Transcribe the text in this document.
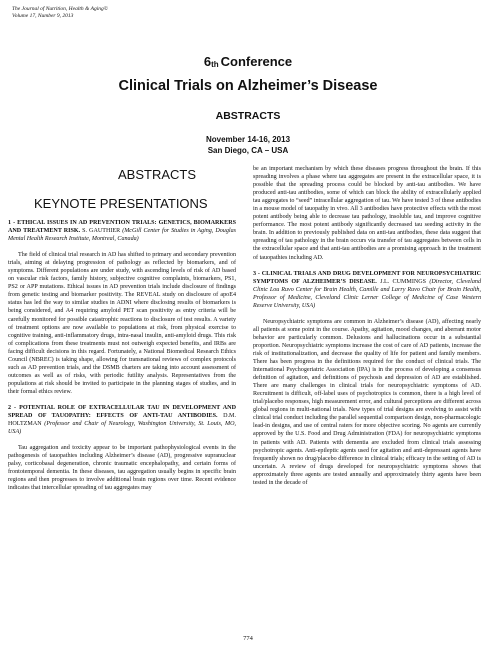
The Journal of Nutrition, Health & Aging©
Volume 17, Number 9, 2013
6th Conference
Clinical Trials on Alzheimer’s Disease
ABSTRACTS
November 14-16, 2013
San Diego, CA – USA
ABSTRACTS
KEYNOTE PRESENTATIONS

1 - ETHICAL ISSUES IN AD PREVENTION TRIALS: GENETICS, BIOMARKERS AND TREATMENT RISK. S. GAUTHIER (McGill Center for Studies in Aging, Douglas Mental Health Research Institute, Montreal, Canada)

The field of clinical trial research in AD has shifted to primary and secondary prevention trials, aiming at delaying progression of pathology as reflected by biomarkers, and of symptoms. Different populations are under study, with ascending levels of risk of AD based on vascular risk factors, family history, subjective cognitive complaints, biomarkers, PS1, PS2 or APP mutations. Ethical issues in AD prevention trials include disclosure of findings from genetic testing and biomarker positivity. The REVEAL study on disclosure of apoE4 status has led the way to similar studies in ADNI where disclosing results of biomarkers is being considered, and A4 requiring amyloid PET scan positivity as entry criteria will be carefully monitored for possible catastrophic reactions to disclosure of test results. A variety of treatment options are now available to populations at risk, from physical exercise to cognitive training, anti-inflammatory drugs, intra-nasal insulin, anti-amyloid drugs. This risk of complications from these treatments must not outweigh expected benefits, and IRBs are facing difficult decisions in this regard. Fortunately, a National Biomedical Research Ethics Council (NBREC) is taking shape, allowing for transnational reviews of complex protocols such as AD prevention trials, and the DSMB charters are taking into account assessment of outcomes as well as of risks, with periodic futility analysis. Representatives from the populations at risk should be invited to participate in the planning stages of studies, and in their formal ethics review.

2 - POTENTIAL ROLE OF EXTRACELLULAR TAU IN DEVELOPMENT AND SPREAD OF TAUOPATHY: EFFECTS OF ANTI-TAU ANTIBODIES. D.M. HOLTZMAN (Professor and Chair of Neurology, Washington University, St. Louis, MO, USA)

Tau aggregation and toxicity appear to be important pathophysiological events in the pathogenesis of tauopathies including Alzheimer’s disease (AD), progressive supranuclear palsy, corticobasal degeneration, chronic traumatic encephalopathy, and certain forms of frontotemporal dementia. In these diseases, tau aggregation usually begins in specific brain regions and then progresses to involve additional brain regions over time. Recent evidence indicates that intercellular spreading of tau aggregates may

be an important mechanism by which these diseases progress throughout the brain. If this spreading involves a phase where tau aggregates are present in the extracellular space, it is possible that the spreading process could be blocked by anti-tau antibodies. We have produced anti-tau antibodies, some of which can block the ability of extracellularly applied tau aggregates to “seed” intracellular aggregation of tau. We have tested 3 of these antibodies in a mouse model of tauopathy in vivo. All 3 antibodies have protective effects with the most potent antibody being able to decrease tau pathology, insoluble tau, and improve cognitive performance. The most potent antibody significantly decreased tau seeding activity in the brain. In addition to previously published data on anti-tau antibodies, these data suggest that spreading of tau pathology in the brain occurs via transfer of tau aggregates between cells in the extracellular space and that anti-tau antibodies are a promising approach in the treatment of tauopathies including AD.

3 - CLINICAL TRIALS AND DRUG DEVELOPMENT FOR NEUROPSYCHIATRIC SYMPTOMS OF ALZHEIMER’S DISEASE. J.L. CUMMINGS (Director, Cleveland Clinic Lou Ruvo Center for Brain Health, Camille and Larry Ruvo Chair for Brain Health, Professor of Medicine, Cleveland Clinic Lerner College of Medicine of Case Western Reserve University, USA)

Neuropsychiatric symptoms are common in Alzheimer’s disease (AD), affecting nearly all patients at some point in the course. Apathy, agitation, mood changes, and aberrant motor behavior are particularly common. Delusions and hallucinations occur in a substantial proportion. Neuropsychiatric symptoms increase the cost of care of AD patients, increase the risk of institutionalization, and decrease the quality of life for patient and family members. There has been progress in the definitions required for the conduct of clinical trials. The International Psychogeriatric Association (IPA) is in the process of developing a consensus definition of agitation, and definitions of psychosis and depression of AD are established. There are many challenges in clinical trials for neuropsychiatric symptoms of AD. Recruitment is difficult, off-label uses of psychotropics is common, there is a high level of trial/placebo responses, high measurement error, and cultural perceptions are different across global regions in multi-national trials. New types of trial designs are evolving to assist with clinical trial conduct including the parallel sequential comparison design, non-pharmacologic lead-in designs, and use of central raters for more objective scoring. No agents are currently approved by the U.S. Food and Drug Administration (FDA) for neuropsychiatric symptoms in patients with AD. Patients with dementia are excluded from clinical trials assessing psychotropic agents. Anti-epileptic agents used for agitation and anti-depressant agents have frequently shown no drug/placebo difference in clinical trials; efficacy in the setting of AD is uncertain. A review of drugs developed for neuropsychiatric symptoms shows that approximately three agents are tested annually and approximately thirty agents have been tested in the decade of

774
